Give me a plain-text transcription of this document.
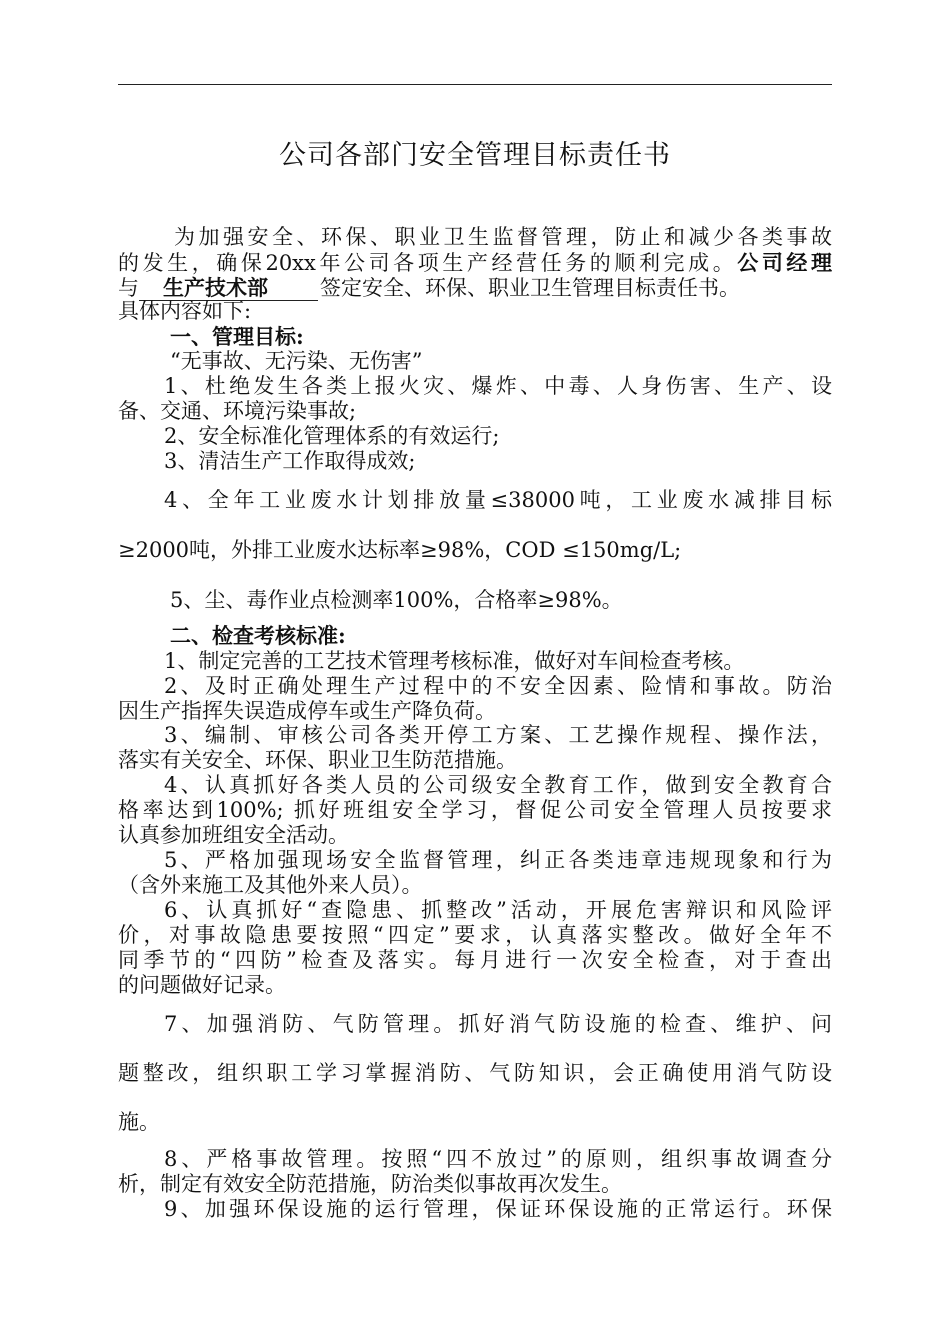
公司各部门安全管理目标责任书
为加强安全、环保、职业卫生监督管理，防止和减少各类事故
的发生，确保20xx年公司各项生产经营任务的顺利完成。公司经理
与 生产技术部 签定安全、环保、职业卫生管理目标责任书。
具体内容如下:
一、管理目标:
“无事故、无污染、无伤害”
1、杜绝发生各类上报火灾、爆炸、中毒、人身伤害、生产、设
备、交通、环境污染事故;
2、安全标准化管理体系的有效运行;
3、清洁生产工作取得成效;
4、全年工业废水计划排放量≤38000吨，工业废水减排目标
≥2000吨，外排工业废水达标率≥98%，COD ≤150mg/L;
5、尘、毒作业点检测率100%，合格率≥98%。
二、检查考核标准:
1、制定完善的工艺技术管理考核标准，做好对车间检查考核。
2、及时正确处理生产过程中的不安全因素、险情和事故。防治
因生产指挥失误造成停车或生产降负荷。
3、编制、审核公司各类开停工方案、工艺操作规程、操作法，
落实有关安全、环保、职业卫生防范措施。
4、认真抓好各类人员的公司级安全教育工作，做到安全教育合
格率达到100%; 抓好班组安全学习，督促公司安全管理人员按要求
认真参加班组安全活动。
5、严格加强现场安全监督管理，纠正各类违章违规现象和行为
（含外来施工及其他外来人员）。
6、认真抓好“查隐患、抓整改”活动，开展危害辩识和风险评
价，对事故隐患要按照“四定”要求，认真落实整改。做好全年不
同季节的“四防”检查及落实。每月进行一次安全检查，对于查出
的问题做好记录。
7、加强消防、气防管理。抓好消气防设施的检查、维护、问
题整改，组织职工学习掌握消防、气防知识，会正确使用消气防设
施。
8、严格事故管理。按照“四不放过”的原则，组织事故调查分
析，制定有效安全防范措施，防治类似事故再次发生。
9、加强环保设施的运行管理，保证环保设施的正常运行。环保
